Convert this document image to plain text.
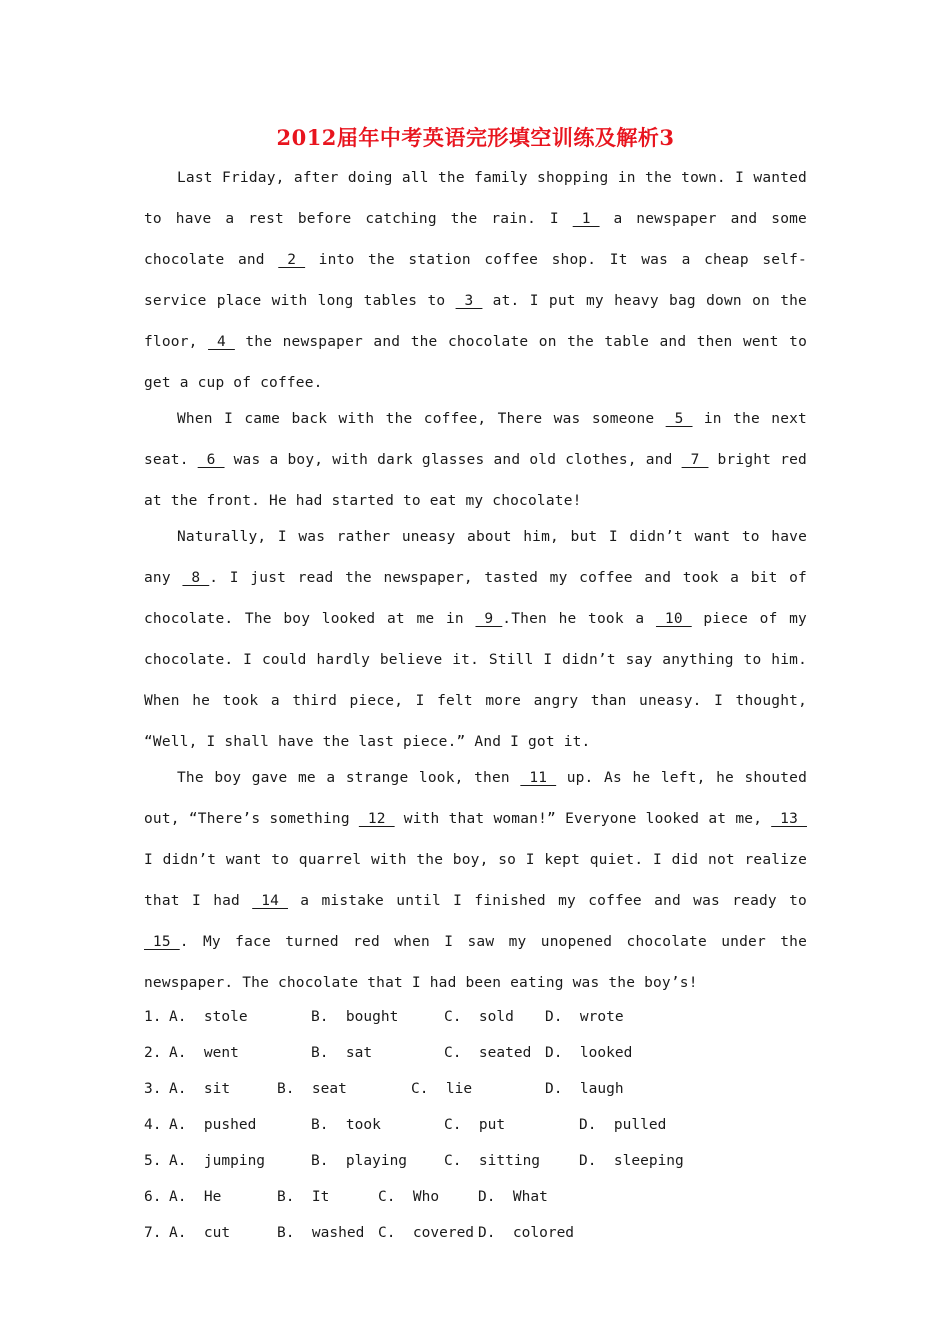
2012届年中考英语完形填空训练及解析3

Last Friday, after doing all the family shopping in the town. I wanted to have a rest before catching the rain. I _1_ a newspaper and some chocolate and _2_ into the station coffee shop. It was a cheap self-service place with long tables to _3_ at. I put my heavy bag down on the floor, _4_ the newspaper and the chocolate on the table and then went to get a cup of coffee.

When I came back with the coffee, There was someone _5_ in the next seat. _6_ was a boy, with dark glasses and old clothes, and _7_ bright red at the front. He had started to eat my chocolate!

Naturally, I was rather uneasy about him, but I didn’t want to have any _8_. I just read the newspaper, tasted my coffee and took a bit of chocolate. The boy looked at me in _9_.Then he took a _10_ piece of my chocolate. I could hardly believe it. Still I didn’t say anything to him. When he took a third piece, I felt more angry than uneasy. I thought, “Well, I shall have the last piece.” And I got it.

The boy gave me a strange look, then _11_ up. As he left, he shouted out, “There’s something _12_ with that woman!” Everyone looked at me, _13_ I didn’t want to quarrel with the boy, so I kept quiet. I did not realize that I had _14_ a mistake until I finished my coffee and was ready to _15_. My face turned red when I saw my unopened chocolate under the newspaper. The chocolate that I had been eating was the boy’s!

1. A.  stole	B.  bought	C.  sold D.  wrote
2. A.  went	B.  sat	C.  seated D.  looked
3. A.  sit	B.  seat	C.  lie	D.  laugh
4. A.  pushed	B.  took	C.  put	D.  pulled
5. A.  jumping	B.  playing	C.  sitting	D.  sleeping
6. A.  He	B.  It	C.  Who	D.  What
7. A.  cut	B.  washed C.  covered D.  colored
